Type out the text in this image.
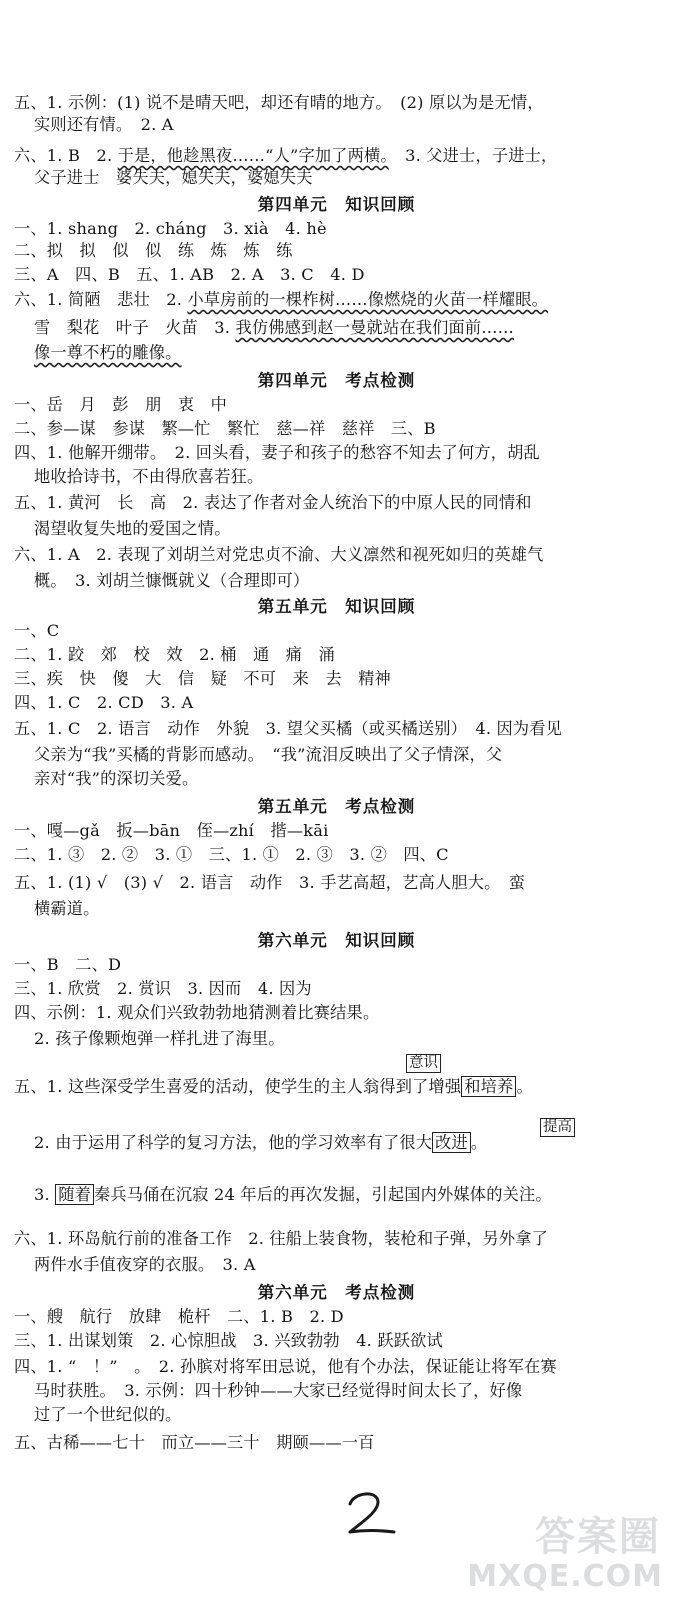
五、1. 示例：(1) 说不是晴天吧，却还有晴的地方。　(2) 原以为是无情，
实则还有情。　2. A
六、1. B　2. 于是，他趁黑夜……“人”字加了两横。　3. 父进士，子进士，
父子进士　婆失夫，媳失夫，婆媳失夫
第四单元　知识回顾
一、1. shang　2. cháng　3. xià　4. hè
二、拟　拟　似　似　练　炼　炼　练
三、A　四、B　五、1. AB　2. A　3. C　4. D
六、1. 简陋　悲壮　2. 小草房前的一棵柞树……像燃烧的火苗一样耀眼。
雪　梨花　叶子　火苗　3. 我仿佛感到赵一曼就站在我们面前……
像一尊不朽的雕像。
第四单元　考点检测
一、岳　月　彭　朋　衷　中
二、参—谋　参谋　繁—忙　繁忙　慈—祥　慈祥　三、B
四、1. 他解开绷带。　2. 回头看，妻子和孩子的愁容不知去了何方，胡乱
地收拾诗书，不由得欣喜若狂。
五、1. 黄河　长　高　2. 表达了作者对金人统治下的中原人民的同情和
渴望收复失地的爱国之情。
六、1. A　2. 表现了刘胡兰对党忠贞不渝、大义凛然和视死如归的英雄气
概。　3. 刘胡兰慷慨就义（合理即可）
第五单元　知识回顾
一、C
二、1. 跤　郊　校　效　2. 桶　通　痛　涌
三、疾　快　傻　大　信　疑　不可　来　去　精神
四、1. C　2. CD　3. A
五、1. C　2. 语言　动作　外貌　3. 望父买橘（或买橘送别）　4. 因为看见
父亲为“我”买橘的背影而感动。　“我”流泪反映出了父子情深，父
亲对“我”的深切关爱。
第五单元　考点检测
一、嘎—gǎ　扳—bān　侄—zhí　揩—kāi
二、1. ③　2. ②　3. ①　三、1. ①　2. ③　3. ②　四、C
五、1. (1) √　(3) √　2. 语言　动作　3. 手艺高超，艺高人胆大。　蛮
横霸道。
第六单元　知识回顾
一、B　二、D
三、1. 欣赏　2. 赏识　3. 因而　4. 因为
四、示例：1. 观众们兴致勃勃地猜测着比赛结果。
2. 孩子像颗炮弹一样扎进了海里。
意识
五、1. 这些深受学生喜爱的活动，使学生的主人翁得到了增强 和培养 。
提高
2. 由于运用了科学的复习方法，他的学习效率有了很大 改进 。
3. 随着 秦兵马俑在沉寂 24 年后的再次发掘，引起国内外媒体的关注。
六、1. 环岛航行前的准备工作　2. 往船上装食物，装枪和子弹，另外拿了
两件水手值夜穿的衣服。　3. A
第六单元　考点检测
一、艘　航行　放肆　桅杆　二、1. B　2. D
三、1. 出谋划策　2. 心惊胆战　3. 兴致勃勃　4. 跃跃欲试
四、1. “　！”　。　2. 孙膑对将军田忌说，他有个办法，保证能让将军在赛
马时获胜。　3. 示例：四十秒钟——大家已经觉得时间太长了，好像
过了一个世纪似的。
五、古稀——七十　而立——三十　期颐——一百
答案圈
MXQE.COM
